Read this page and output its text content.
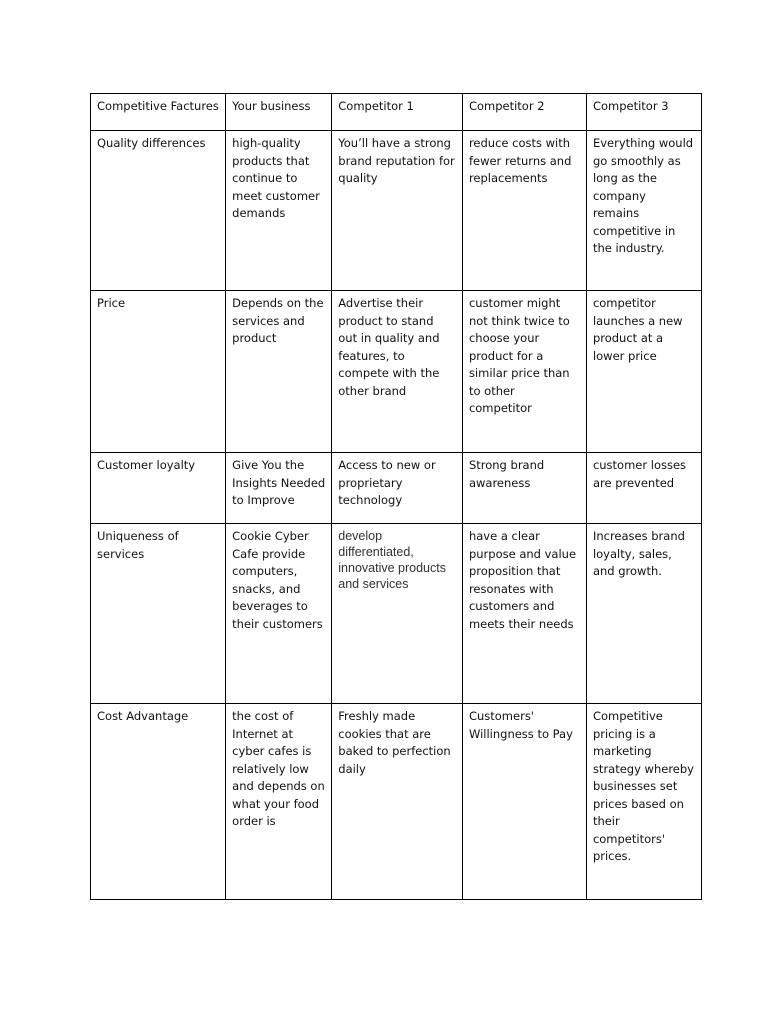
Competitive Factures	Your business	Competitor 1	Competitor 2	Competitor 3
Quality differences	high-quality products that continue to meet customer demands	You’ll have a strong brand reputation for quality	reduce costs with fewer returns and replacements	Everything would go smoothly as long as the company remains competitive in the industry.
Price	Depends on the services and product	Advertise their product to stand out in quality and features, to compete with the other brand	customer might not think twice to choose your product for a similar price than to other competitor	competitor launches a new product at a lower price
Customer loyalty	Give You the Insights Needed to Improve	Access to new or proprietary technology	Strong brand awareness	customer losses are prevented
Uniqueness of services	Cookie Cyber Cafe provide computers, snacks, and beverages to their customers	develop differentiated, innovative products and services	have a clear purpose and value proposition that resonates with customers and meets their needs	Increases brand loyalty, sales, and growth.
Cost Advantage	the cost of Internet at cyber cafes is relatively low and depends on what your food order is	Freshly made cookies that are baked to perfection daily	Customers' Willingness to Pay	Competitive pricing is a marketing strategy whereby businesses set prices based on their competitors' prices.
